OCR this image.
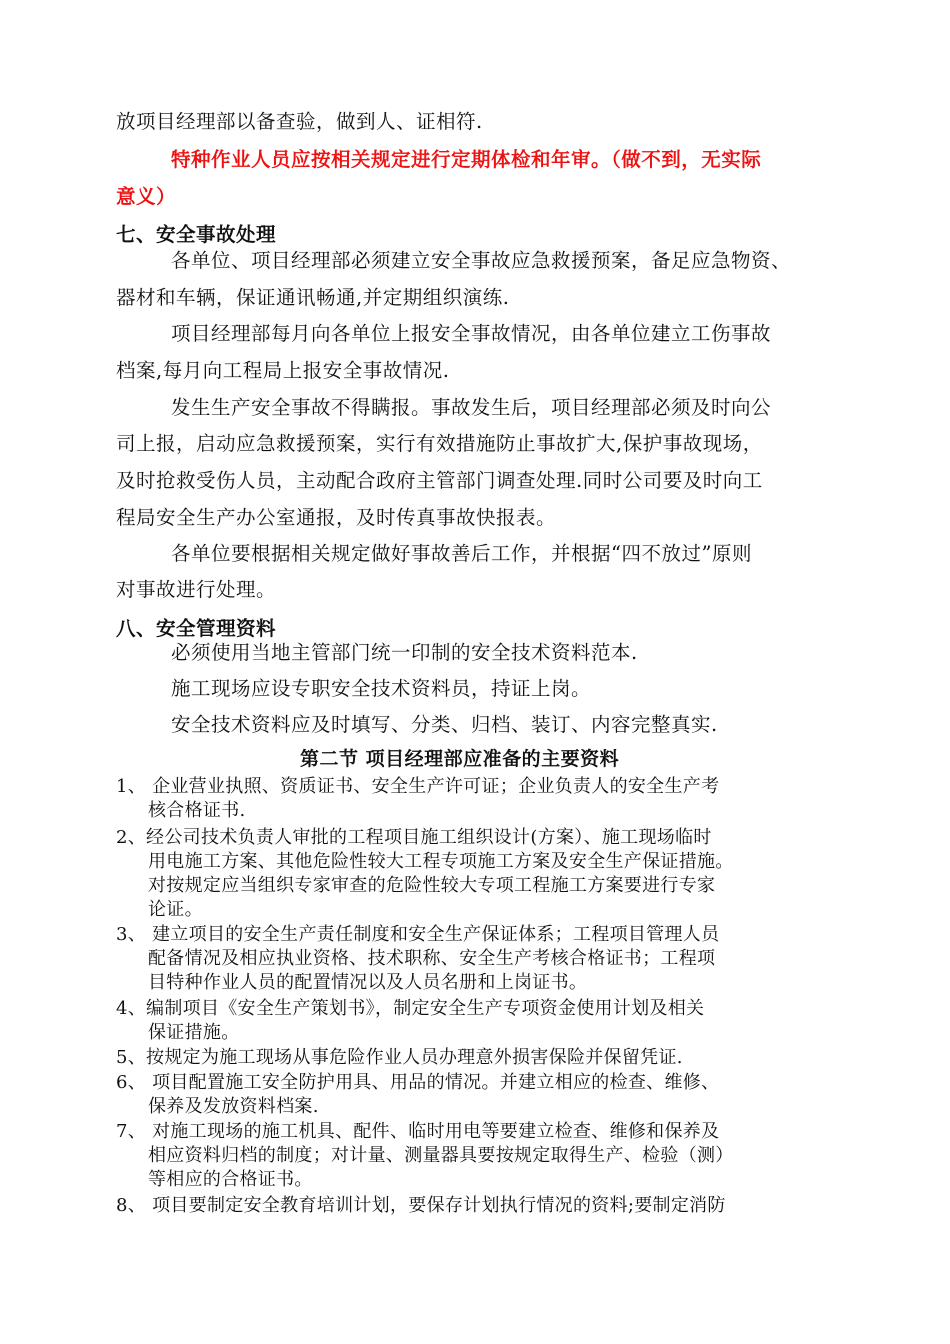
放项目经理部以备查验，做到人、证相符.
特种作业人员应按相关规定进行定期体检和年审。（做不到，无实际
意义）
七、安全事故处理
各单位、项目经理部必须建立安全事故应急救援预案，备足应急物资、
器材和车辆，保证通讯畅通,并定期组织演练.
项目经理部每月向各单位上报安全事故情况，由各单位建立工伤事故
档案,每月向工程局上报安全事故情况.
发生生产安全事故不得瞒报。事故发生后，项目经理部必须及时向公
司上报，启动应急救援预案，实行有效措施防止事故扩大,保护事故现场，
及时抢救受伤人员，主动配合政府主管部门调查处理.同时公司要及时向工
程局安全生产办公室通报，及时传真事故快报表。
各单位要根据相关规定做好事故善后工作，并根据“四不放过”原则
对事故进行处理。
八、安全管理资料
必须使用当地主管部门统一印制的安全技术资料范本.
施工现场应设专职安全技术资料员，持证上岗。
安全技术资料应及时填写、分类、归档、装订、内容完整真实.
第二节 项目经理部应准备的主要资料
1、 企业营业执照、资质证书、安全生产许可证；企业负责人的安全生产考
核合格证书.
2、经公司技术负责人审批的工程项目施工组织设计(方案）、施工现场临时
用电施工方案、其他危险性较大工程专项施工方案及安全生产保证措施。
对按规定应当组织专家审查的危险性较大专项工程施工方案要进行专家
论证。
3、 建立项目的安全生产责任制度和安全生产保证体系；工程项目管理人员
配备情况及相应执业资格、技术职称、安全生产考核合格证书；工程项
目特种作业人员的配置情况以及人员名册和上岗证书。
4、编制项目《安全生产策划书》，制定安全生产专项资金使用计划及相关
保证措施。
5、按规定为施工现场从事危险作业人员办理意外损害保险并保留凭证.
6、 项目配置施工安全防护用具、用品的情况。并建立相应的检查、维修、
保养及发放资料档案.
7、 对施工现场的施工机具、配件、临时用电等要建立检查、维修和保养及
相应资料归档的制度；对计量、测量器具要按规定取得生产、检验（测）
等相应的合格证书。
8、 项目要制定安全教育培训计划，要保存计划执行情况的资料;要制定消防
